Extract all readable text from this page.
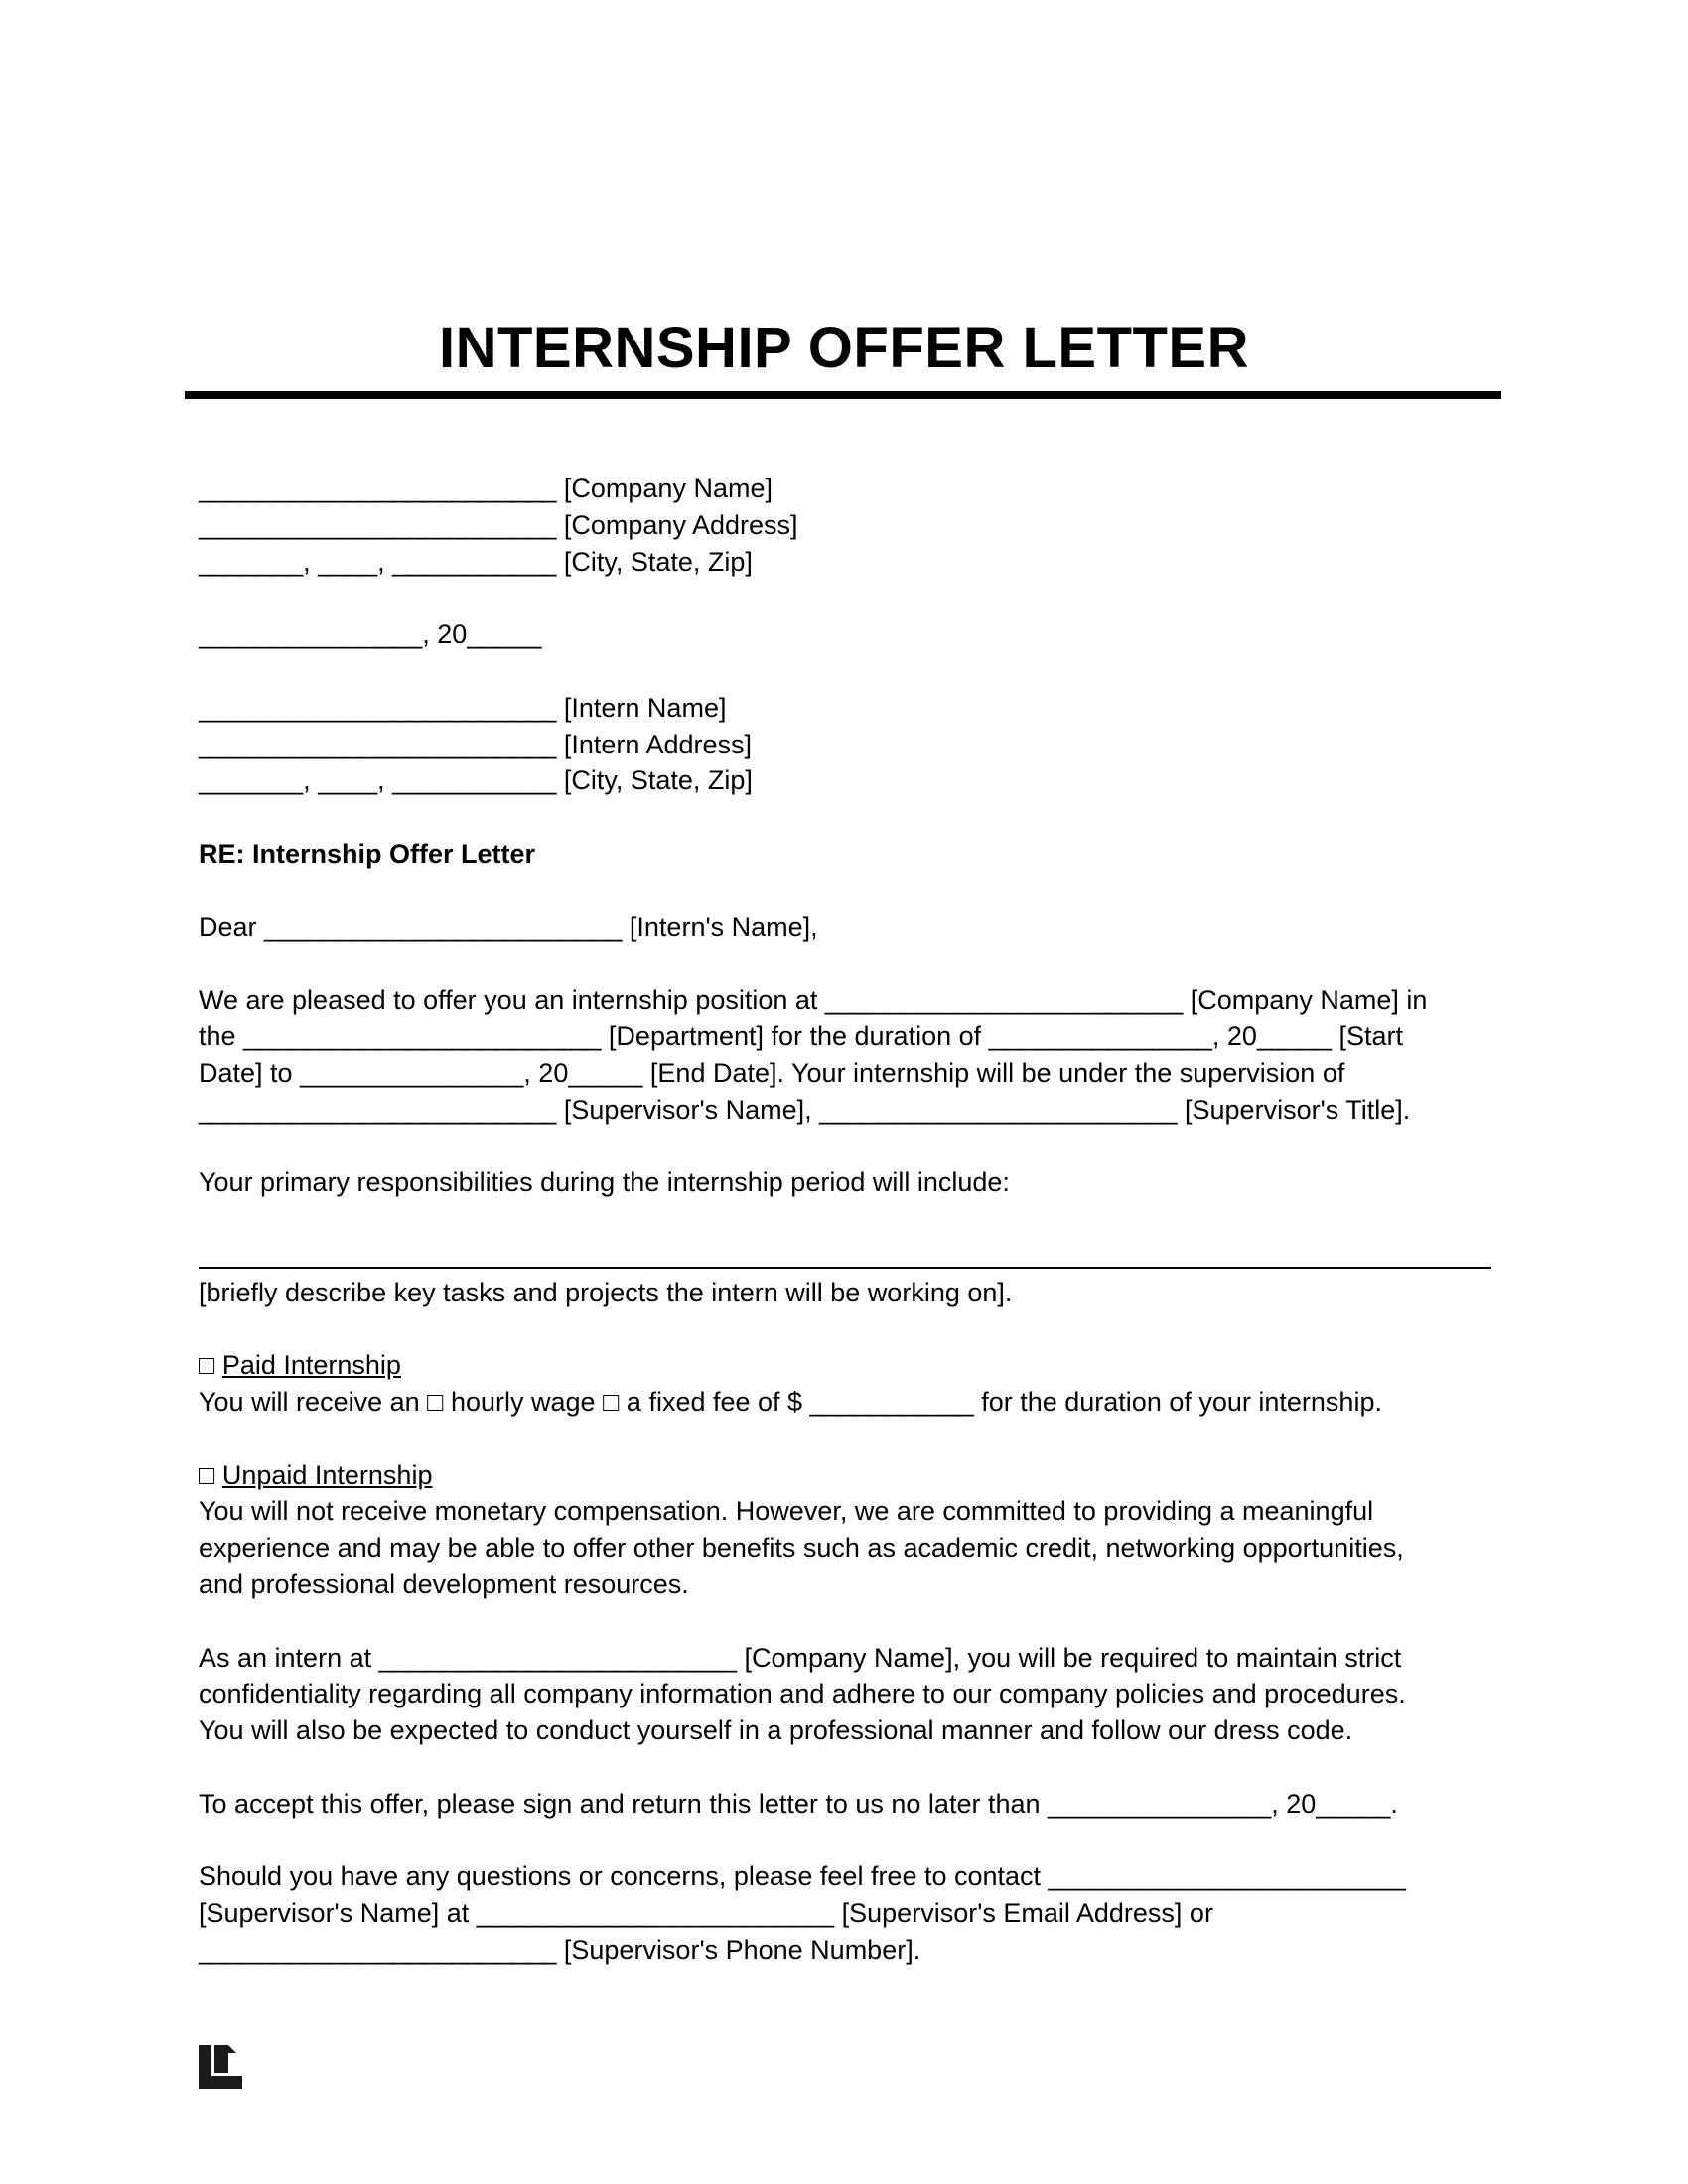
INTERNSHIP OFFER LETTER
________________________ [Company Name]
________________________ [Company Address]
_______, ____, ___________ [City, State, Zip]
_______________, 20_____
________________________ [Intern Name]
________________________ [Intern Address]
_______, ____, ___________ [City, State, Zip]
RE: Internship Offer Letter
Dear ________________________ [Intern's Name],
We are pleased to offer you an internship position at ________________________ [Company Name] in
the ________________________ [Department] for the duration of _______________, 20_____ [Start
Date] to _______________, 20_____ [End Date]. Your internship will be under the supervision of
________________________ [Supervisor's Name], ________________________ [Supervisor's Title].
Your primary responsibilities during the internship period will include:
[briefly describe key tasks and projects the intern will be working on].
□ Paid Internship
You will receive an □ hourly wage □ a fixed fee of $ ___________ for the duration of your internship.
□ Unpaid Internship
You will not receive monetary compensation. However, we are committed to providing a meaningful
experience and may be able to offer other benefits such as academic credit, networking opportunities,
and professional development resources.
As an intern at ________________________ [Company Name], you will be required to maintain strict
confidentiality regarding all company information and adhere to our company policies and procedures.
You will also be expected to conduct yourself in a professional manner and follow our dress code.
To accept this offer, please sign and return this letter to us no later than _______________, 20_____.
Should you have any questions or concerns, please feel free to contact ________________________
[Supervisor's Name] at ________________________ [Supervisor's Email Address] or
________________________ [Supervisor's Phone Number].
